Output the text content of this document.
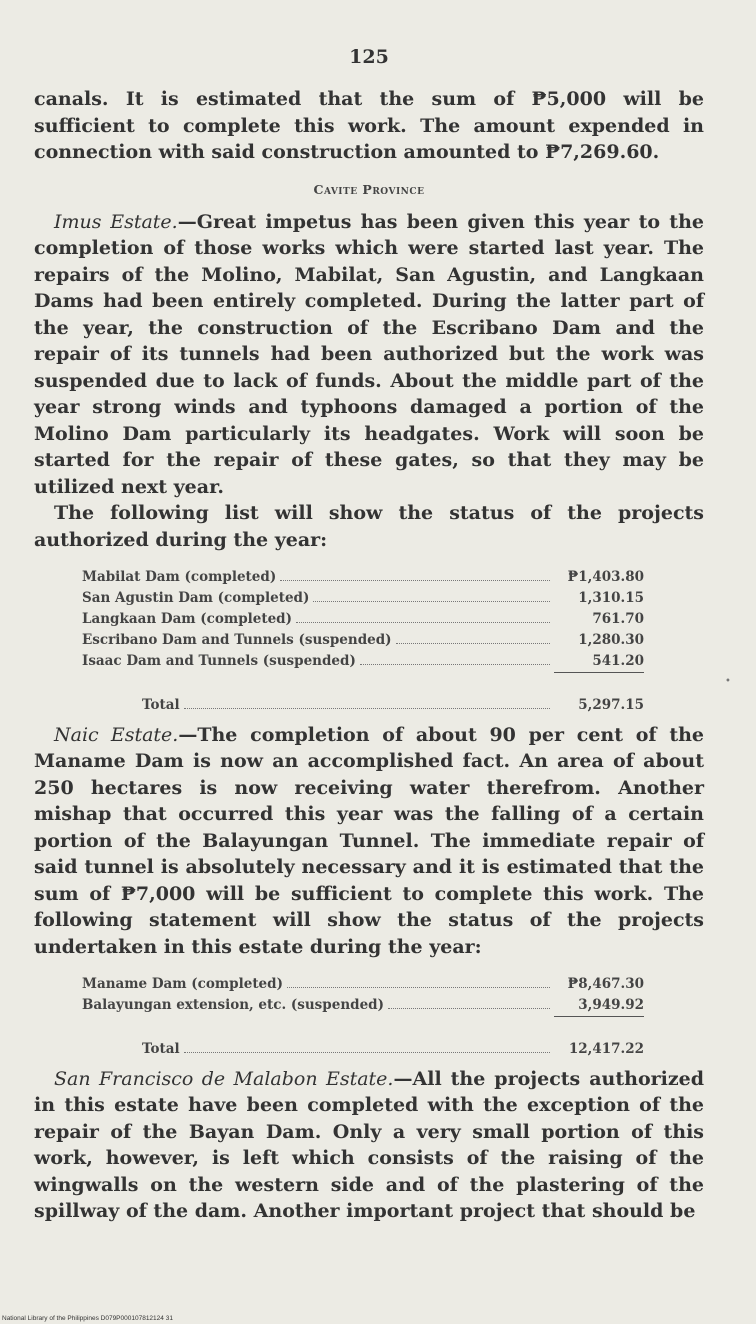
125

canals. It is estimated that the sum of ₱5,000 will be sufficient to complete this work. The amount expended in connection with said construction amounted to ₱7,269.60.

Cavite Province

Imus Estate.—Great impetus has been given this year to the completion of those works which were started last year. The repairs of the Molino, Mabilat, San Agustin, and Langkaan Dams had been entirely completed. During the latter part of the year, the construction of the Escribano Dam and the repair of its tunnels had been authorized but the work was suspended due to lack of funds. About the middle part of the year strong winds and typhoons damaged a portion of the Molino Dam particularly its headgates. Work will soon be started for the repair of these gates, so that they may be utilized next year.

The following list will show the status of the projects authorized during the year:

Mabilat Dam (completed)	₱1,403.80

San Agustin Dam (completed)	1,310.15

Langkaan Dam (completed)	761.70

Escribano Dam and Tunnels (suspended)	1,280.30

Isaac Dam and Tunnels (suspended)	541.20

Total	5,297.15

Naic Estate.—The completion of about 90 per cent of the Maname Dam is now an accomplished fact. An area of about 250 hectares is now receiving water therefrom. Another mishap that occurred this year was the falling of a certain portion of the Balayungan Tunnel. The immediate repair of said tunnel is absolutely necessary and it is estimated that the sum of ₱7,000 will be sufficient to complete this work. The following statement will show the status of the projects undertaken in this estate during the year:

Maname Dam (completed)	₱8,467.30

Balayungan extension, etc. (suspended)	3,949.92

Total	12,417.22

San Francisco de Malabon Estate.—All the projects authorized in this estate have been completed with the exception of the repair of the Bayan Dam. Only a very small portion of this work, however, is left which consists of the raising of the wingwalls on the western side and of the plastering of the spillway of the dam. Another important project that should be

•
National Library of the Philippines D079P000107812124 31
